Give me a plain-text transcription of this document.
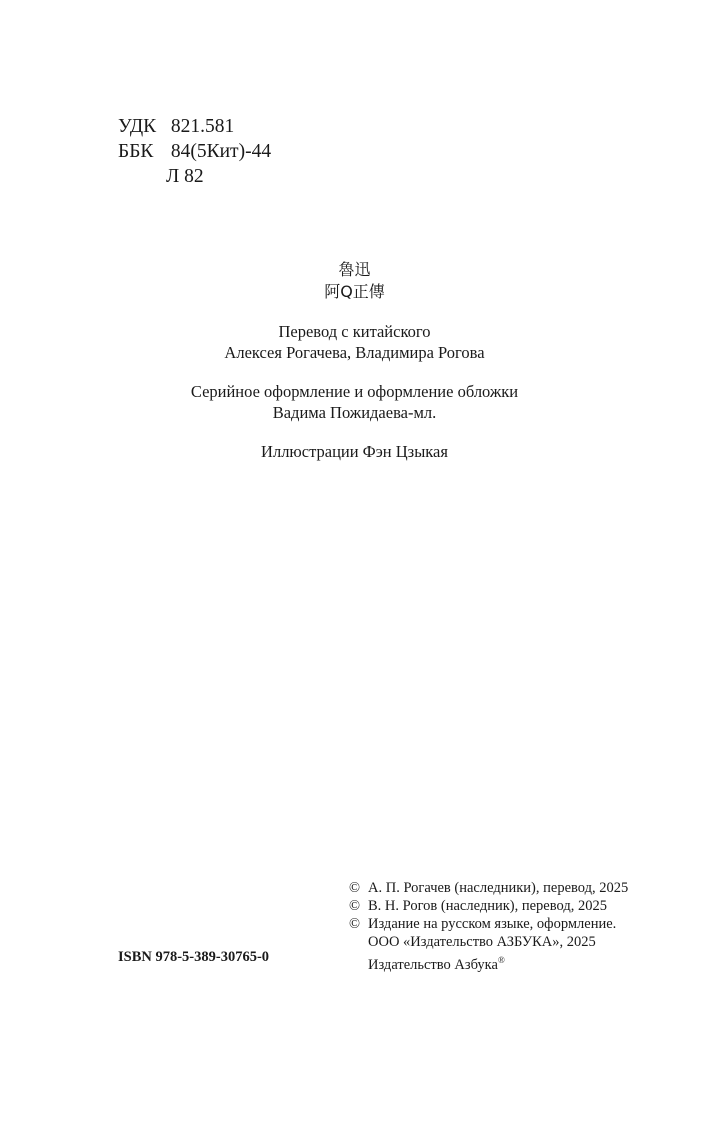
УДК 821.581
ББК 84(5Кит)-44
Л 82
魯迅
阿Q正傳
Перевод с китайского
Алексея Рогачева, Владимира Рогова
Серийное оформление и оформление обложки
Вадима Пожидаева-мл.
Иллюстрации Фэн Цзыкая
© А. П. Рогачев (наследники), перевод, 2025
© В. Н. Рогов (наследник), перевод, 2025
© Издание на русском языке, оформление.
ООО «Издательство АЗБУКА», 2025
Издательство Азбука®
ISBN 978-5-389-30765-0
